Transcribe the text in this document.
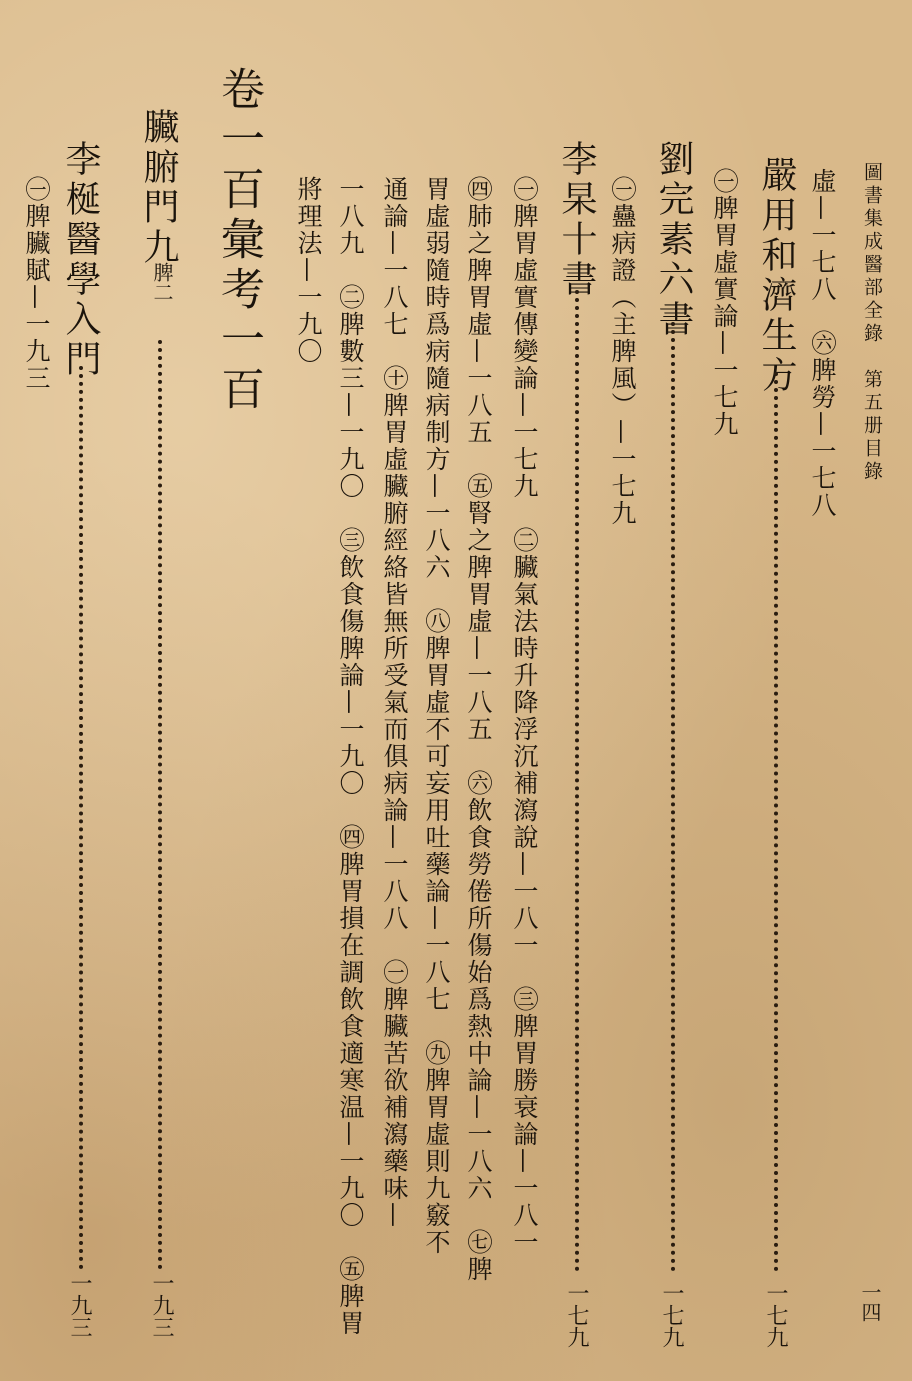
圖書集成醫部全錄　第五册目錄
一四
虛—一七八　㊅脾勞—一七八
嚴用和濟生方
一七九
㊀脾胃虛實論—一七九
劉完素六書
一七九
㊀蠱病證（主脾風）—一七九
李杲十書
一七九
㊀脾胃虛實傳變論—一七九　㊁臟氣法時升降浮沉補瀉說—一八一　㊂脾胃勝衰論—一八一
㊃肺之脾胃虛—一八五　㊄腎之脾胃虛—一八五　㊅飲食勞倦所傷始爲熱中論—一八六　㊆脾
胃虛弱隨時爲病隨病制方—一八六　㊇脾胃虛不可妄用吐藥論—一八七　㊈脾胃虛則九竅不
通論—一八七　㊉脾胃虛臟腑經絡皆無所受氣而俱病論—一八八　㊀脾臟苦欲補瀉藥味—
一八九　㊁脾數三—一九〇　㊂飲食傷脾論—一九〇　㊃脾胃損在調飲食適寒温—一九〇　㊄脾胃
將理法—一九〇
卷一百彙考一百
臟腑門九
脾二
一九三
李梴醫學入門
一九三
㊀脾臟賦—一九三
